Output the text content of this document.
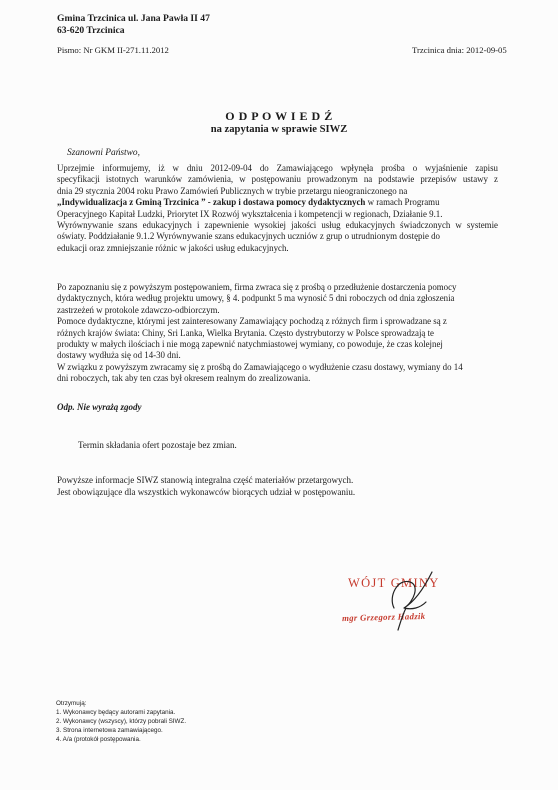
Gmina Trzcinica ul. Jana Pawła II 47
63-620 Trzcinica
Pismo: Nr GKM II-271.11.2012	Trzcinica dnia: 2012-09-05
O D P O W I E D Ź
na zapytania w sprawie SIWZ
Szanowni Państwo,
Uprzejmie informujemy, iż w dniu 2012-09-04 do Zamawiającego wpłynęła prośba o wyjaśnienie zapisu
specyfikacji istotnych warunków zamówienia, w postępowaniu prowadzonym na podstawie przepisów ustawy z
dnia 29 stycznia 2004 roku Prawo Zamówień Publicznych w trybie przetargu nieograniczonego na
„Indywidualizacja z Gminą Trzcinica ” - zakup i dostawa pomocy dydaktycznych w ramach Programu
Operacyjnego Kapitał Ludzki, Priorytet IX Rozwój wykształcenia i kompetencji w regionach, Działanie 9.1.
Wyrównywanie szans edukacyjnych i zapewnienie wysokiej jakości usług edukacyjnych świadczonych w systemie
oświaty. Poddziałanie 9.1.2 Wyrównywanie szans edukacyjnych uczniów z grup o utrudnionym dostępie do
edukacji oraz zmniejszanie różnic w jakości usług edukacyjnych.
Po zapoznaniu się z powyższym postępowaniem, firma zwraca się z prośbą o przedłużenie dostarczenia pomocy
dydaktycznych, która według projektu umowy, § 4. podpunkt 5 ma wynosić 5 dni roboczych od dnia zgłoszenia
zastrzeżeń w protokole zdawczo-odbiorczym.
Pomoce dydaktyczne, którymi jest zainteresowany Zamawiający pochodzą z różnych firm i sprowadzane są z
różnych krajów świata: Chiny, Sri Lanka, Wielka Brytania. Często dystrybutorzy w Polsce sprowadzają te
produkty w małych ilościach i nie mogą zapewnić natychmiastowej wymiany, co powoduje, że czas kolejnej
dostawy wydłuża się od 14-30 dni.
W związku z powyższym zwracamy się z prośbą do Zamawiającego o wydłużenie czasu dostawy, wymiany do 14
dni roboczych, tak aby ten czas był okresem realnym do zrealizowania.
Odp. Nie wyrażą zgody
Termin składania ofert pozostaje bez zmian.
Powyższe informacje SIWZ stanowią integralna część materiałów przetargowych.
Jest obowiązujące dla wszystkich wykonawców biorących udział w postępowaniu.
WÓJT GMINY
mgr Grzegorz Hadzik
Otrzymują:
1. Wykonawcy będący autorami zapytania.
2. Wykonawcy (wszyscy), którzy pobrali SIWZ.
3. Strona internetowa zamawiającego.
4. A/a (protokół postępowania.
